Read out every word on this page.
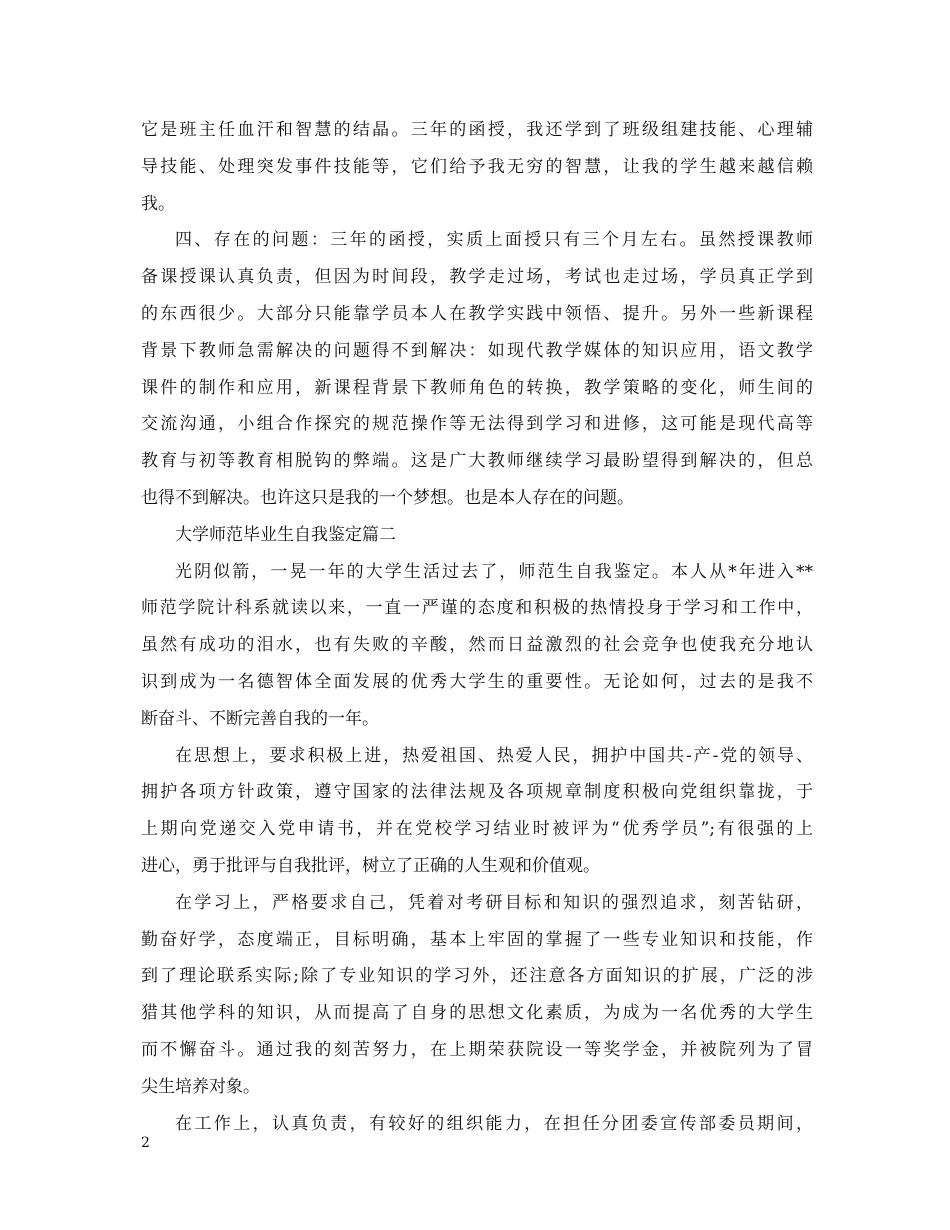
它是班主任血汗和智慧的结晶。三年的函授，我还学到了班级组建技能、心理辅
导技能、处理突发事件技能等，它们给予我无穷的智慧，让我的学生越来越信赖
我。
四、存在的问题：三年的函授，实质上面授只有三个月左右。虽然授课教师
备课授课认真负责，但因为时间段，教学走过场，考试也走过场，学员真正学到
的东西很少。大部分只能靠学员本人在教学实践中领悟、提升。另外一些新课程
背景下教师急需解决的问题得不到解决：如现代教学媒体的知识应用，语文教学
课件的制作和应用，新课程背景下教师角色的转换，教学策略的变化，师生间的
交流沟通，小组合作探究的规范操作等无法得到学习和进修，这可能是现代高等
教育与初等教育相脱钩的弊端。这是广大教师继续学习最盼望得到解决的，但总
也得不到解决。也许这只是我的一个梦想。也是本人存在的问题。
大学师范毕业生自我鉴定篇二
光阴似箭，一晃一年的大学生活过去了，师范生自我鉴定。本人从*年进入**
师范学院计科系就读以来，一直一严谨的态度和积极的热情投身于学习和工作中，
虽然有成功的泪水，也有失败的辛酸，然而日益激烈的社会竞争也使我充分地认
识到成为一名德智体全面发展的优秀大学生的重要性。无论如何，过去的是我不
断奋斗、不断完善自我的一年。
在思想上，要求积极上进，热爱祖国、热爱人民，拥护中国共-产-党的领导、
拥护各项方针政策，遵守国家的法律法规及各项规章制度积极向党组织靠拢，于
上期向党递交入党申请书，并在党校学习结业时被评为“优秀学员”;有很强的上
进心，勇于批评与自我批评，树立了正确的人生观和价值观。
在学习上，严格要求自己，凭着对考研目标和知识的强烈追求，刻苦钻研，
勤奋好学，态度端正，目标明确，基本上牢固的掌握了一些专业知识和技能，作
到了理论联系实际;除了专业知识的学习外，还注意各方面知识的扩展，广泛的涉
猎其他学科的知识，从而提高了自身的思想文化素质，为成为一名优秀的大学生
而不懈奋斗。通过我的刻苦努力，在上期荣获院设一等奖学金，并被院列为了冒
尖生培养对象。
在工作上，认真负责，有较好的组织能力，在担任分团委宣传部委员期间，
2
